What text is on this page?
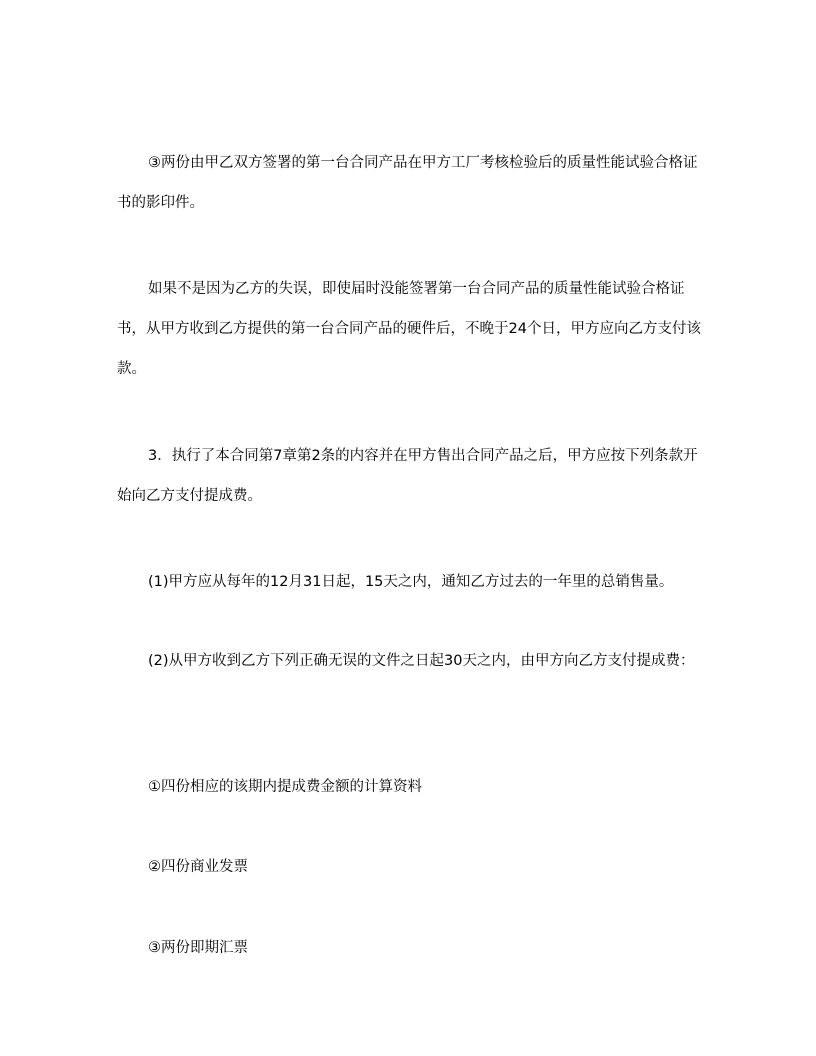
③两份由甲乙双方签署的第一台合同产品在甲方工厂考核检验后的质量性能试验合格证书的影印件。

如果不是因为乙方的失误，即使届时没能签署第一台合同产品的质量性能试验合格证书，从甲方收到乙方提供的第一台合同产品的硬件后，不晚于24个日，甲方应向乙方支付该款。

3．执行了本合同第7章第2条的内容并在甲方售出合同产品之后，甲方应按下列条款开始向乙方支付提成费。

(1)甲方应从每年的12月31日起，15天之内，通知乙方过去的一年里的总销售量。

(2)从甲方收到乙方下列正确无误的文件之日起30天之内，由甲方向乙方支付提成费：

①四份相应的该期内提成费金额的计算资料

②四份商业发票

③两份即期汇票
